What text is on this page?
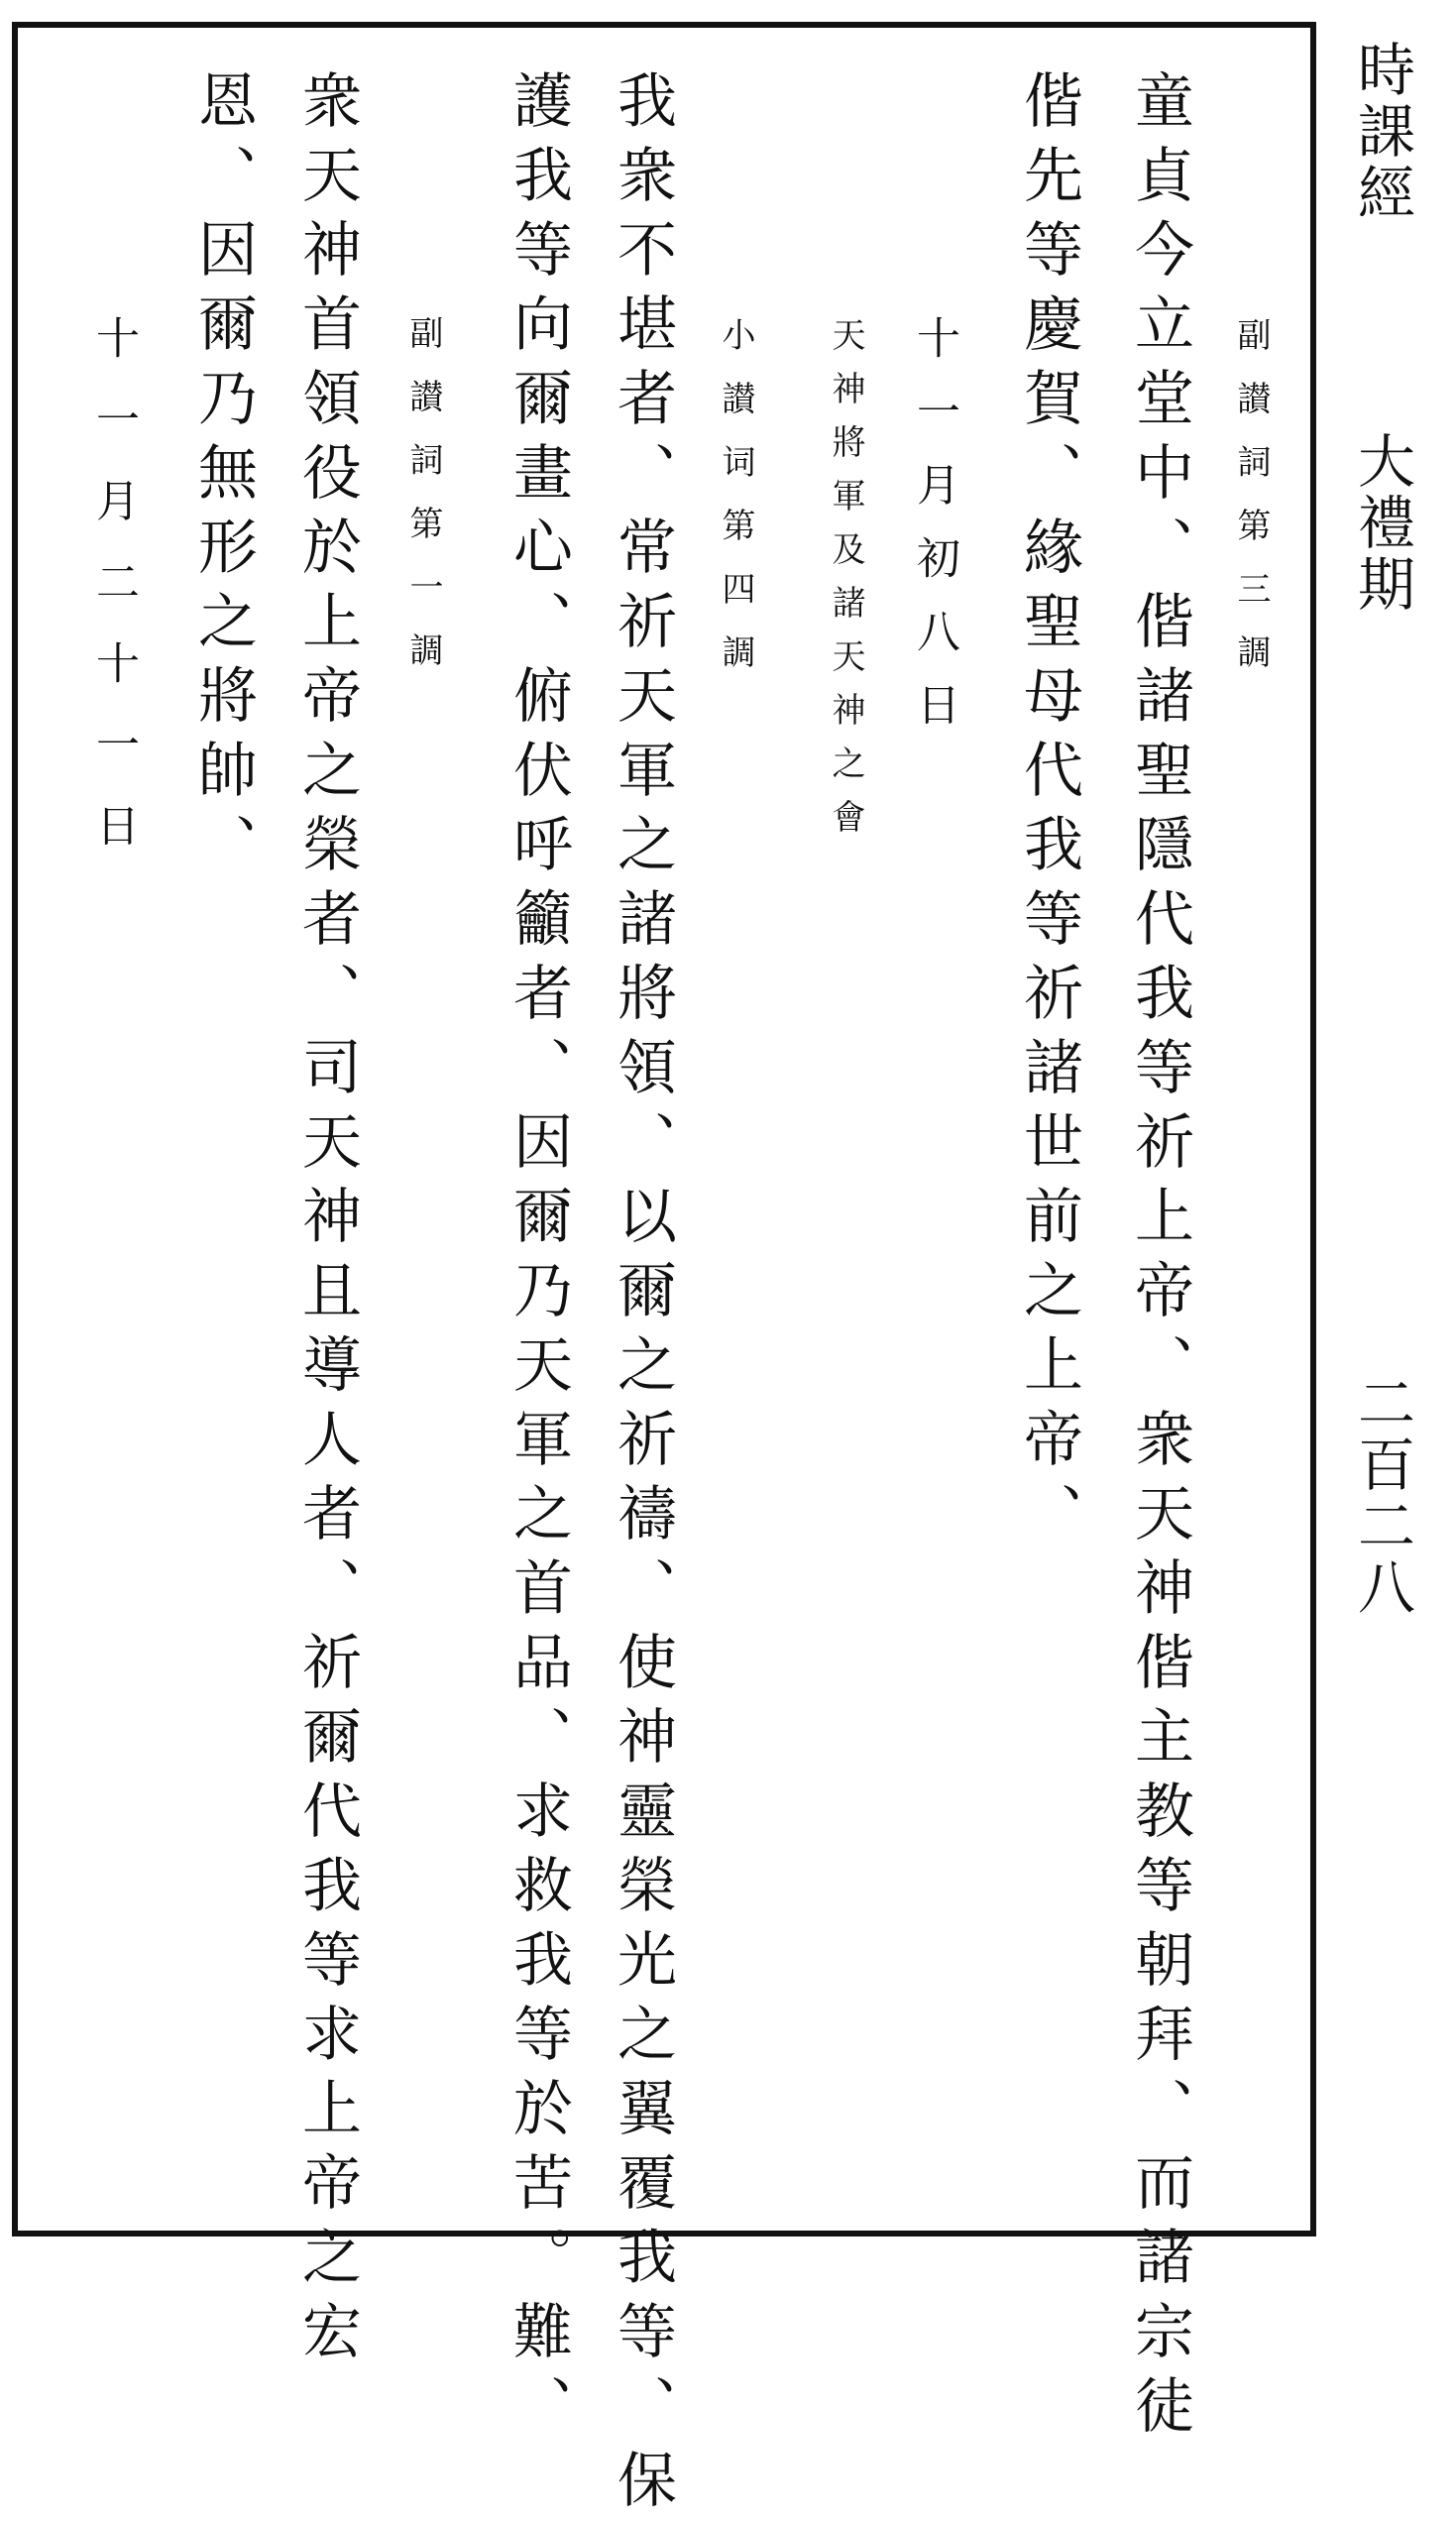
時課經
大禮期
二百二八
副讃詞第三調
童貞今立堂中、偕諸聖隱代我等祈上帝、衆天神偕主教等朝拜、而諸宗徒
偕先等慶賀、緣聖母代我等祈諸世前之上帝、
十一月初八日
天神將軍及諸天神之會
小讃词第四調
我衆不堪者、常祈天軍之諸將領、以爾之祈禱、使神靈榮光之翼覆我等、保
護我等向爾畫心、俯伏呼籲者、因爾乃天軍之首品、求救我等於苦。難、
副讃詞第一調
衆天神首領役於上帝之榮者、司天神且導人者、祈爾代我等求上帝之宏
恩、因爾乃無形之將帥、
十一月二十一日
